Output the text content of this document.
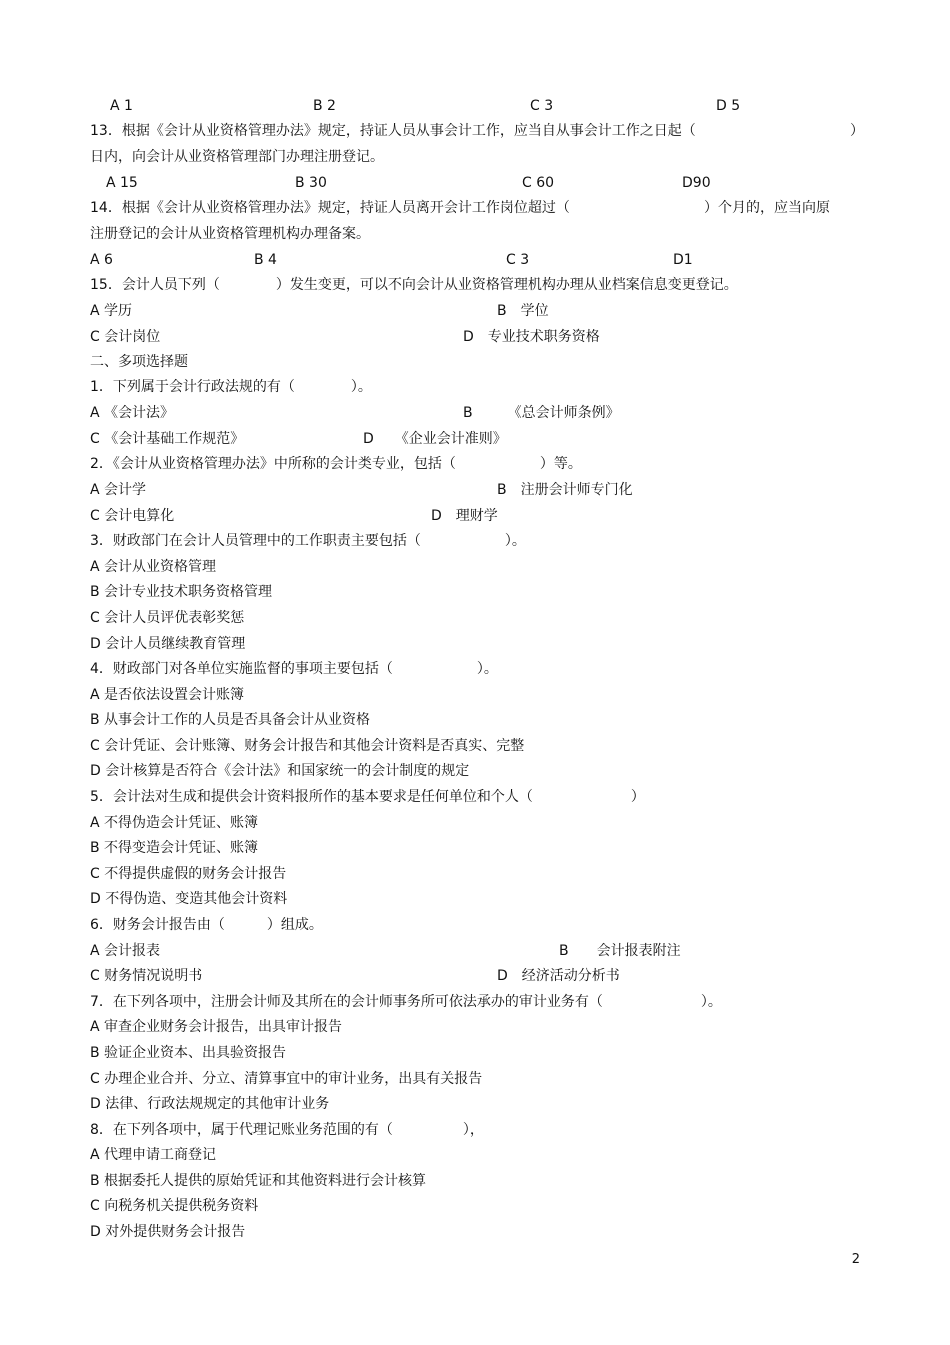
A 1	B 2	C 3	D 5
13．根据《会计从业资格管理办法》规定，持证人员从事会计工作，应当自从事会计工作之日起（	）
日内，向会计从业资格管理部门办理注册登记。
A 15	B 30	C 60	D90
14．根据《会计从业资格管理办法》规定，持证人员离开会计工作岗位超过（	）个月的，应当向原
注册登记的会计从业资格管理机构办理备案。
A 6	B 4	C 3	D1
15．会计人员下列（　　　　）发生变更，可以不向会计从业资格管理机构办理从业档案信息变更登记。
A 学历	B　学位
C 会计岗位	D　专业技术职务资格
二、多项选择题
1．下列属于会计行政法规的有（　　　　）。
A 《会计法》	B　　　《总会计师条例》
C 《会计基础工作规范》	D　　《企业会计准则》
2．《会计从业资格管理办法》中所称的会计类专业，包括（　　　　　　）等。
A 会计学	B　注册会计师专门化
C 会计电算化	D　理财学
3．财政部门在会计人员管理中的工作职责主要包括（　　　　　　）。
A 会计从业资格管理
B 会计专业技术职务资格管理
C 会计人员评优表彰奖惩
D 会计人员继续教育管理
4．财政部门对各单位实施监督的事项主要包括（　　　　　　）。
A 是否依法设置会计账簿
B 从事会计工作的人员是否具备会计从业资格
C 会计凭证、会计账簿、财务会计报告和其他会计资料是否真实、完整
D 会计核算是否符合《会计法》和国家统一的会计制度的规定
5．会计法对生成和提供会计资料报所作的基本要求是任何单位和个人（　　　　　　　）
A 不得伪造会计凭证、账簿
B 不得变造会计凭证、账簿
C 不得提供虚假的财务会计报告
D 不得伪造、变造其他会计资料
6．财务会计报告由（　　　）组成。
A 会计报表	B　　会计报表附注
C 财务情况说明书	D　经济活动分析书
7．在下列各项中，注册会计师及其所在的会计师事务所可依法承办的审计业务有（　　　　　　　）。
A 审查企业财务会计报告，出具审计报告
B 验证企业资本、出具验资报告
C 办理企业合并、分立、清算事宜中的审计业务，出具有关报告
D 法律、行政法规规定的其他审计业务
8．在下列各项中，属于代理记账业务范围的有（　　　　　），
A 代理申请工商登记
B 根据委托人提供的原始凭证和其他资料进行会计核算
C 向税务机关提供税务资料
D 对外提供财务会计报告
2
